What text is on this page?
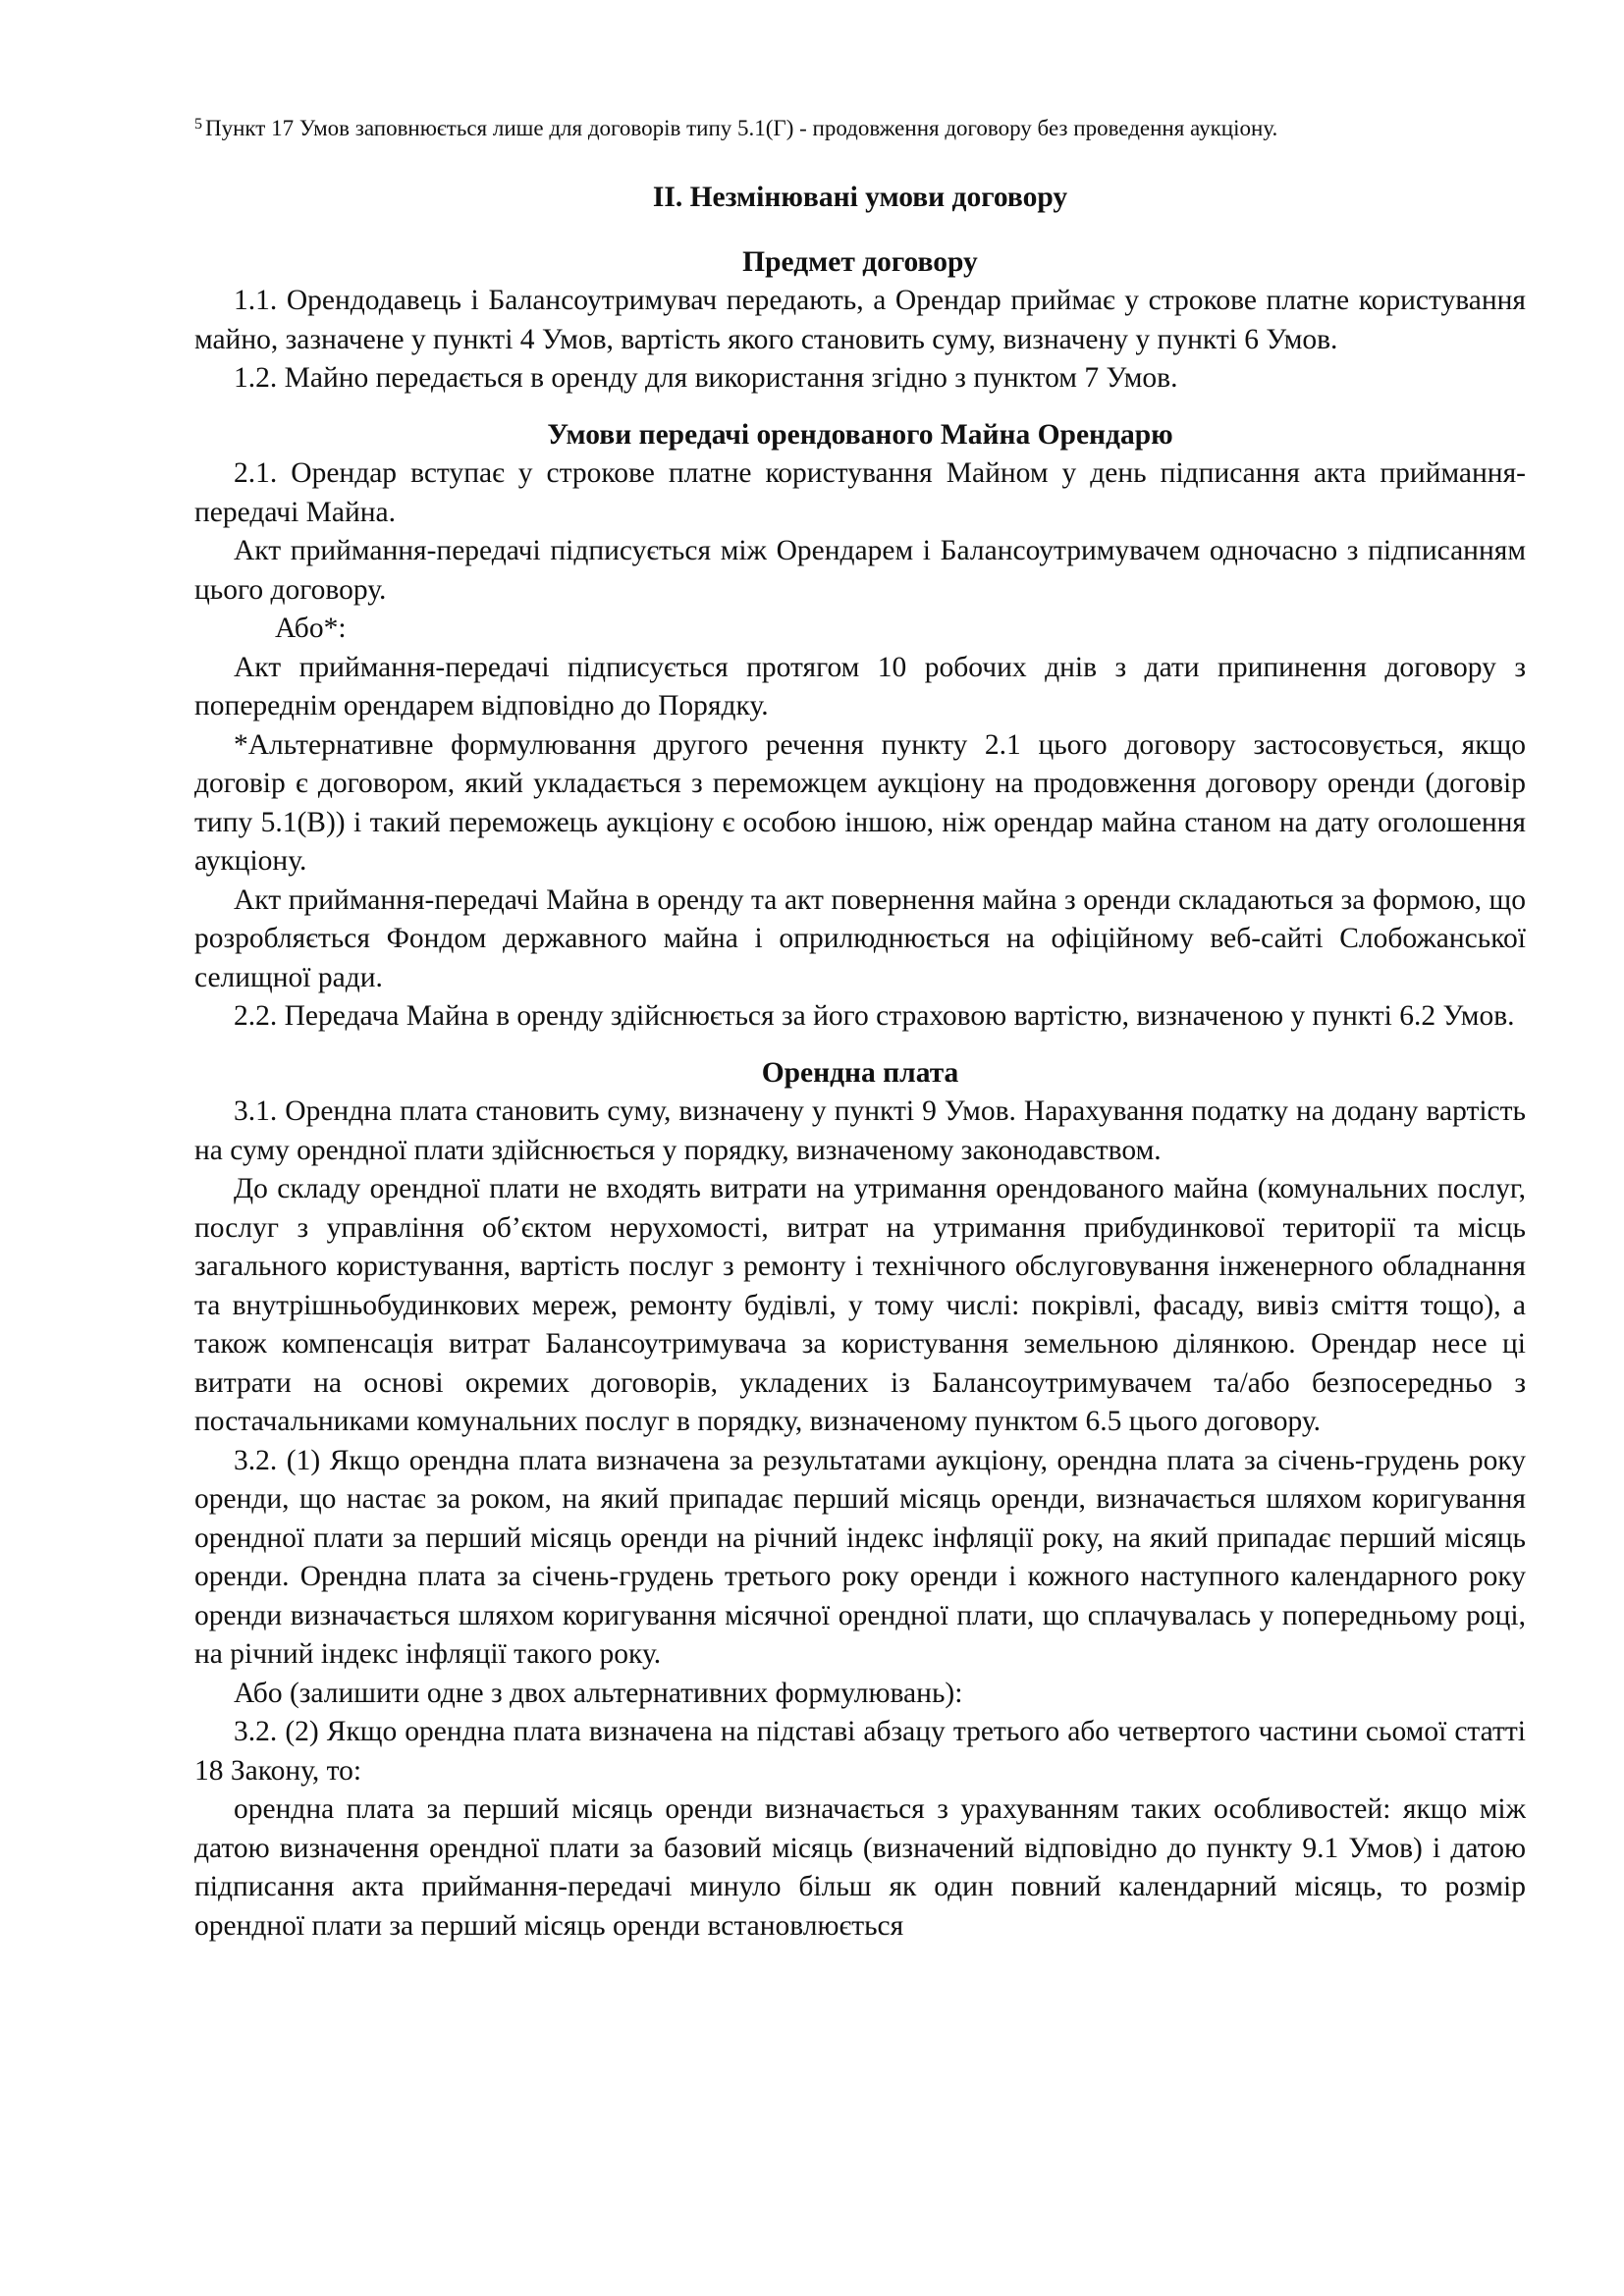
$^5$ Пункт 17 Умов заповнюється лише для договорів типу 5.1(Г) - продовження договору без проведення аукціону.
ІІ. Незмінювані умови договору
Предмет договору

1.1. Орендодавець і Балансоутримувач передають, а Орендар приймає у строкове платне користування майно, зазначене у пункті 4 Умов, вартість якого становить суму, визначену у пункті 6 Умов.

1.2. Майно передається в оренду для використання згідно з пунктом 7 Умов.

Умови передачі орендованого Майна Орендарю

2.1. Орендар вступає у строкове платне користування Майном у день підписання акта приймання-передачі Майна.

Акт приймання-передачі підписується між Орендарем і Балансоутримувачем одночасно з підписанням цього договору.

Або*:

Акт приймання-передачі підписується протягом 10 робочих днів з дати припинення договору з попереднім орендарем відповідно до Порядку.

*Альтернативне формулювання другого речення пункту 2.1 цього договору застосовується, якщо договір є договором, який укладається з переможцем аукціону на продовження договору оренди (договір типу 5.1(В)) і такий переможець аукціону є особою іншою, ніж орендар майна станом на дату оголошення аукціону.

Акт приймання-передачі Майна в оренду та акт повернення майна з оренди складаються за формою, що розробляється Фондом державного майна і оприлюднюється на офіційному веб-сайті Слобожанської селищної ради.

2.2. Передача Майна в оренду здійснюється за його страховою вартістю, визначеною у пункті 6.2 Умов.

Орендна плата

3.1. Орендна плата становить суму, визначену у пункті 9 Умов. Нарахування податку на додану вартість на суму орендної плати здійснюється у порядку, визначеному законодавством.

До складу орендної плати не входять витрати на утримання орендованого майна (комунальних послуг, послуг з управління об’єктом нерухомості, витрат на утримання прибудинкової території та місць загального користування, вартість послуг з ремонту і технічного обслуговування інженерного обладнання та внутрішньобудинкових мереж, ремонту будівлі, у тому числі: покрівлі, фасаду, вивіз сміття тощо), а також компенсація витрат Балансоутримувача за користування земельною ділянкою. Орендар несе ці витрати на основі окремих договорів, укладених із Балансоутримувачем та/або безпосередньо з постачальниками комунальних послуг в порядку, визначеному пунктом 6.5 цього договору.

3.2. (1) Якщо орендна плата визначена за результатами аукціону, орендна плата за січень-грудень року оренди, що настає за роком, на який припадає перший місяць оренди, визначається шляхом коригування орендної плати за перший місяць оренди на річний індекс інфляції року, на який припадає перший місяць оренди. Орендна плата за січень-грудень третього року оренди і кожного наступного календарного року оренди визначається шляхом коригування місячної орендної плати, що сплачувалась у попередньому році, на річний індекс інфляції такого року.

Або (залишити одне з двох альтернативних формулювань):

3.2. (2) Якщо орендна плата визначена на підставі абзацу третього або четвертого частини сьомої статті 18 Закону, то:

орендна плата за перший місяць оренди визначається з урахуванням таких особливостей: якщо між датою визначення орендної плати за базовий місяць (визначений відповідно до пункту 9.1 Умов) і датою підписання акта приймання-передачі минуло більш як один повний календарний місяць, то розмір орендної плати за перший місяць оренди встановлюється
